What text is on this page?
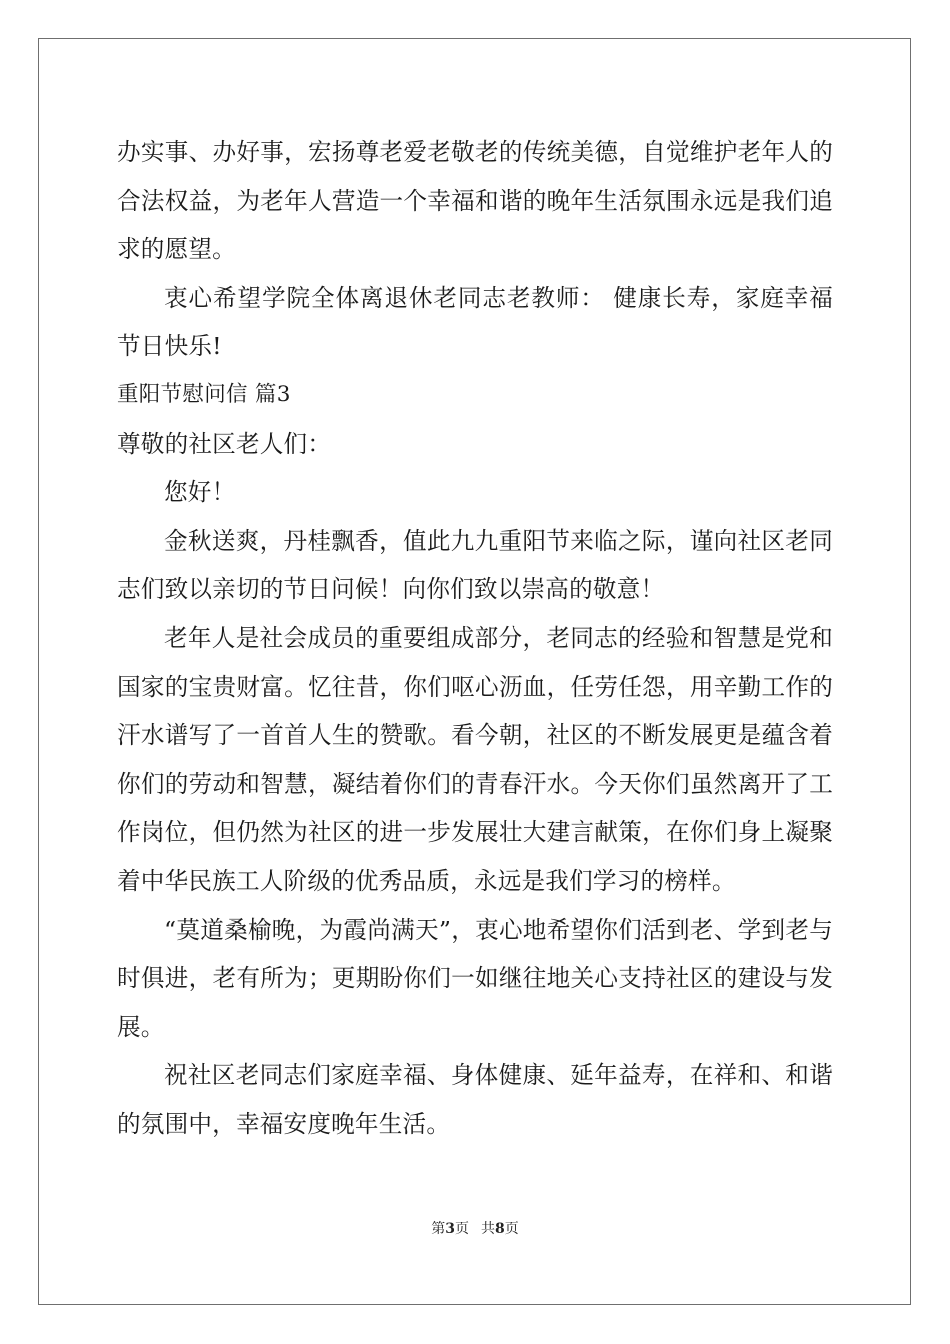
办实事、办好事，宏扬尊老爱老敬老的传统美德，自觉维护老年人的合法权益，为老年人营造一个幸福和谐的晚年生活氛围永远是我们追求的愿望。

衷心希望学院全体离退休老同志老教师： 健康长寿，家庭幸福节日快乐!

重阳节慰问信 篇3

尊敬的社区老人们：

您好！

金秋送爽，丹桂飘香，值此九九重阳节来临之际，谨向社区老同志们致以亲切的节日问候！向你们致以崇高的敬意！

老年人是社会成员的重要组成部分，老同志的经验和智慧是党和国家的宝贵财富。忆往昔，你们呕心沥血，任劳任怨，用辛勤工作的汗水谱写了一首首人生的赞歌。看今朝，社区的不断发展更是蕴含着你们的劳动和智慧，凝结着你们的青春汗水。今天你们虽然离开了工作岗位，但仍然为社区的进一步发展壮大建言献策，在你们身上凝聚着中华民族工人阶级的优秀品质，永远是我们学习的榜样。

“莫道桑榆晚，为霞尚满天”，衷心地希望你们活到老、学到老与时俱进，老有所为；更期盼你们一如继往地关心支持社区的建设与发展。

祝社区老同志们家庭幸福、身体健康、延年益寿，在祥和、和谐的氛围中，幸福安度晚年生活。

第3页 共8页
